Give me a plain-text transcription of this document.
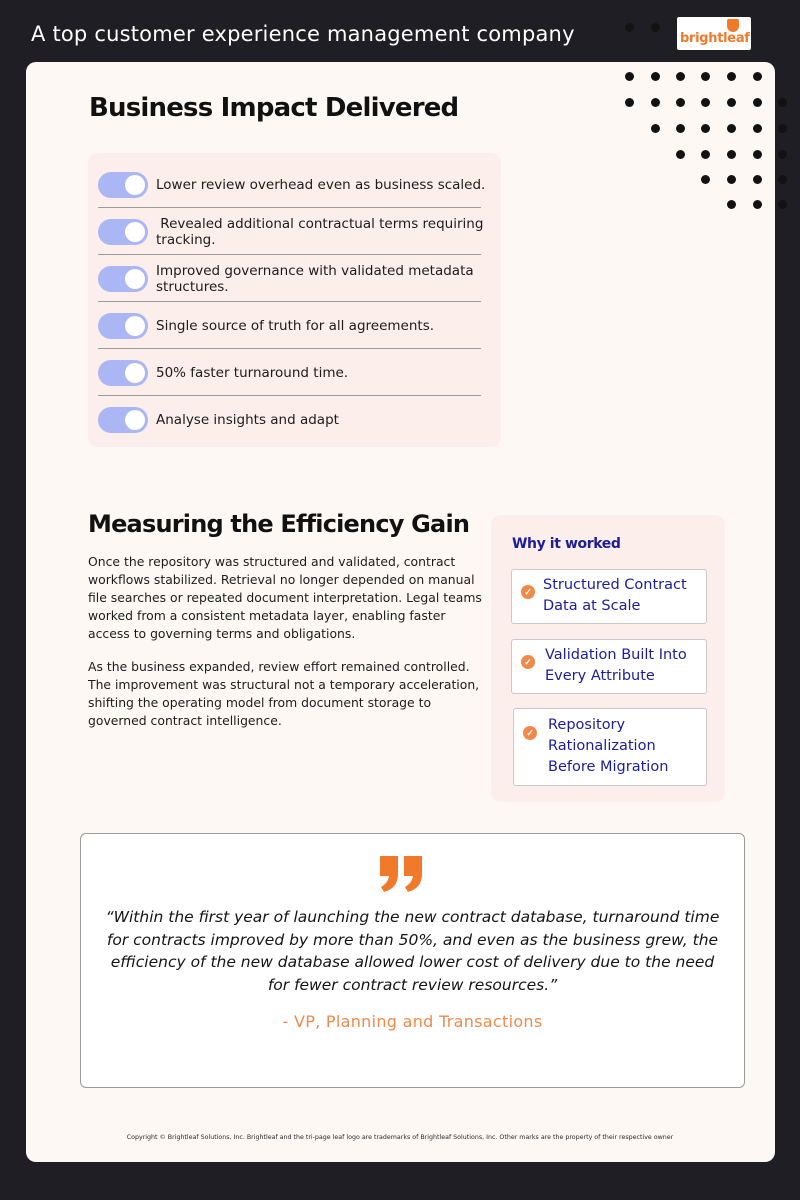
A top customer experience management company	brightleaf
Business Impact Delivered
Lower review overhead even as business scaled.
Revealed additional contractual terms requiring tracking.
Improved governance with validated metadata structures.
Single source of truth for all agreements.
50% faster turnaround time.
Analyse insights and adapt
Measuring the Efficiency Gain

Once the repository was structured and validated, contract workflows stabilized. Retrieval no longer depended on manual file searches or repeated document interpretation. Legal teams worked from a consistent metadata layer, enabling faster access to governing terms and obligations.

As the business expanded, review effort remained controlled. The improvement was structural not a temporary acceleration, shifting the operating model from document storage to governed contract intelligence.

Why it worked
✓ Structured Contract Data at Scale
✓ Validation Built Into Every Attribute
✓ Repository Rationalization Before Migration
“Within the first year of launching the new contract database, turnaround time for contracts improved by more than 50%, and even as the business grew, the efficiency of the new database allowed lower cost of delivery due to the need for fewer contract review resources.”
- VP, Planning and Transactions
Copyright © Brightleaf Solutions, Inc. Brightleaf and the tri-page leaf logo are trademarks of Brightleaf Solutions, Inc. Other marks are the property of their respective owner
